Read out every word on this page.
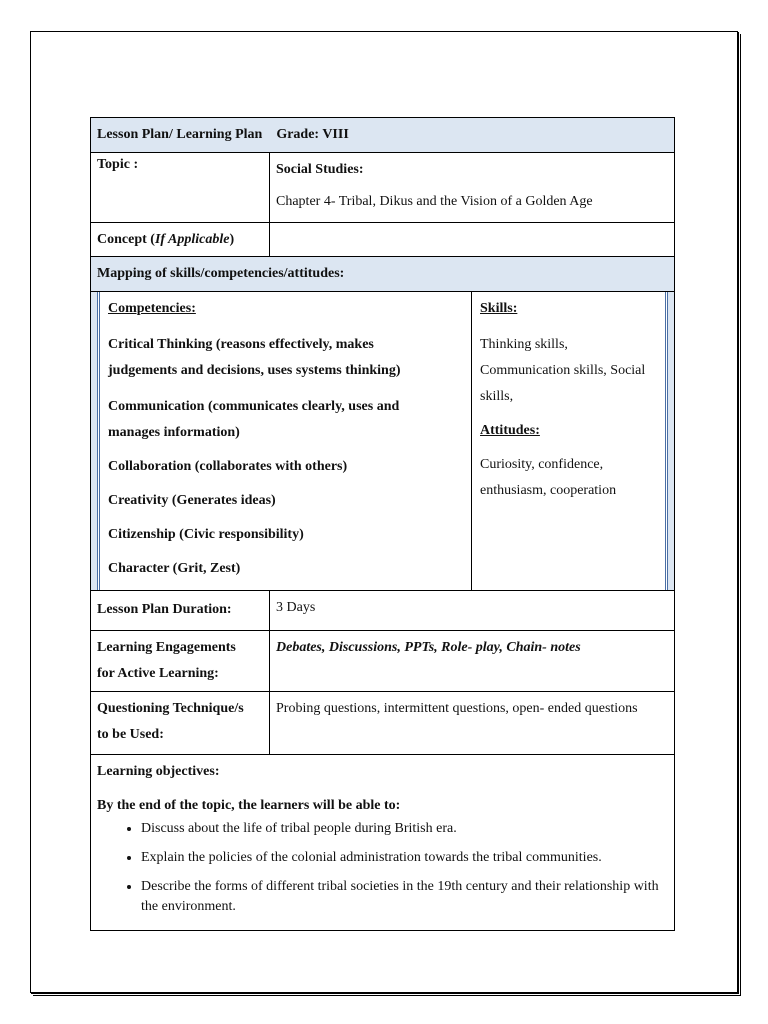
Lesson Plan/ Learning Plan Grade: VIII
Topic :	Social Studies:
Chapter 4- Tribal, Dikus and the Vision of a Golden Age
Concept (If Applicable)
Mapping of skills/competencies/attitudes:
Competencies:
Critical Thinking (reasons effectively, makes
judgements and decisions, uses systems thinking)
Communication (communicates clearly, uses and
manages information)
Collaboration (collaborates with others)
Creativity (Generates ideas)
Citizenship (Civic responsibility)
Character (Grit, Zest)
Skills:
Thinking skills,
Communication skills, Social
skills,
Attitudes:
Curiosity, confidence,
enthusiasm, cooperation
Lesson Plan Duration:	3 Days
Learning Engagements
for Active Learning:
Debates, Discussions, PPTs, Role- play, Chain- notes
Questioning Technique/s
to be Used:
Probing questions, intermittent questions, open- ended questions
Learning objectives:
By the end of the topic, the learners will be able to:
• Discuss about the life of tribal people during British era.
• Explain the policies of the colonial administration towards the tribal communities.
• Describe the forms of different tribal societies in the 19th century and their relationship with the environment.
